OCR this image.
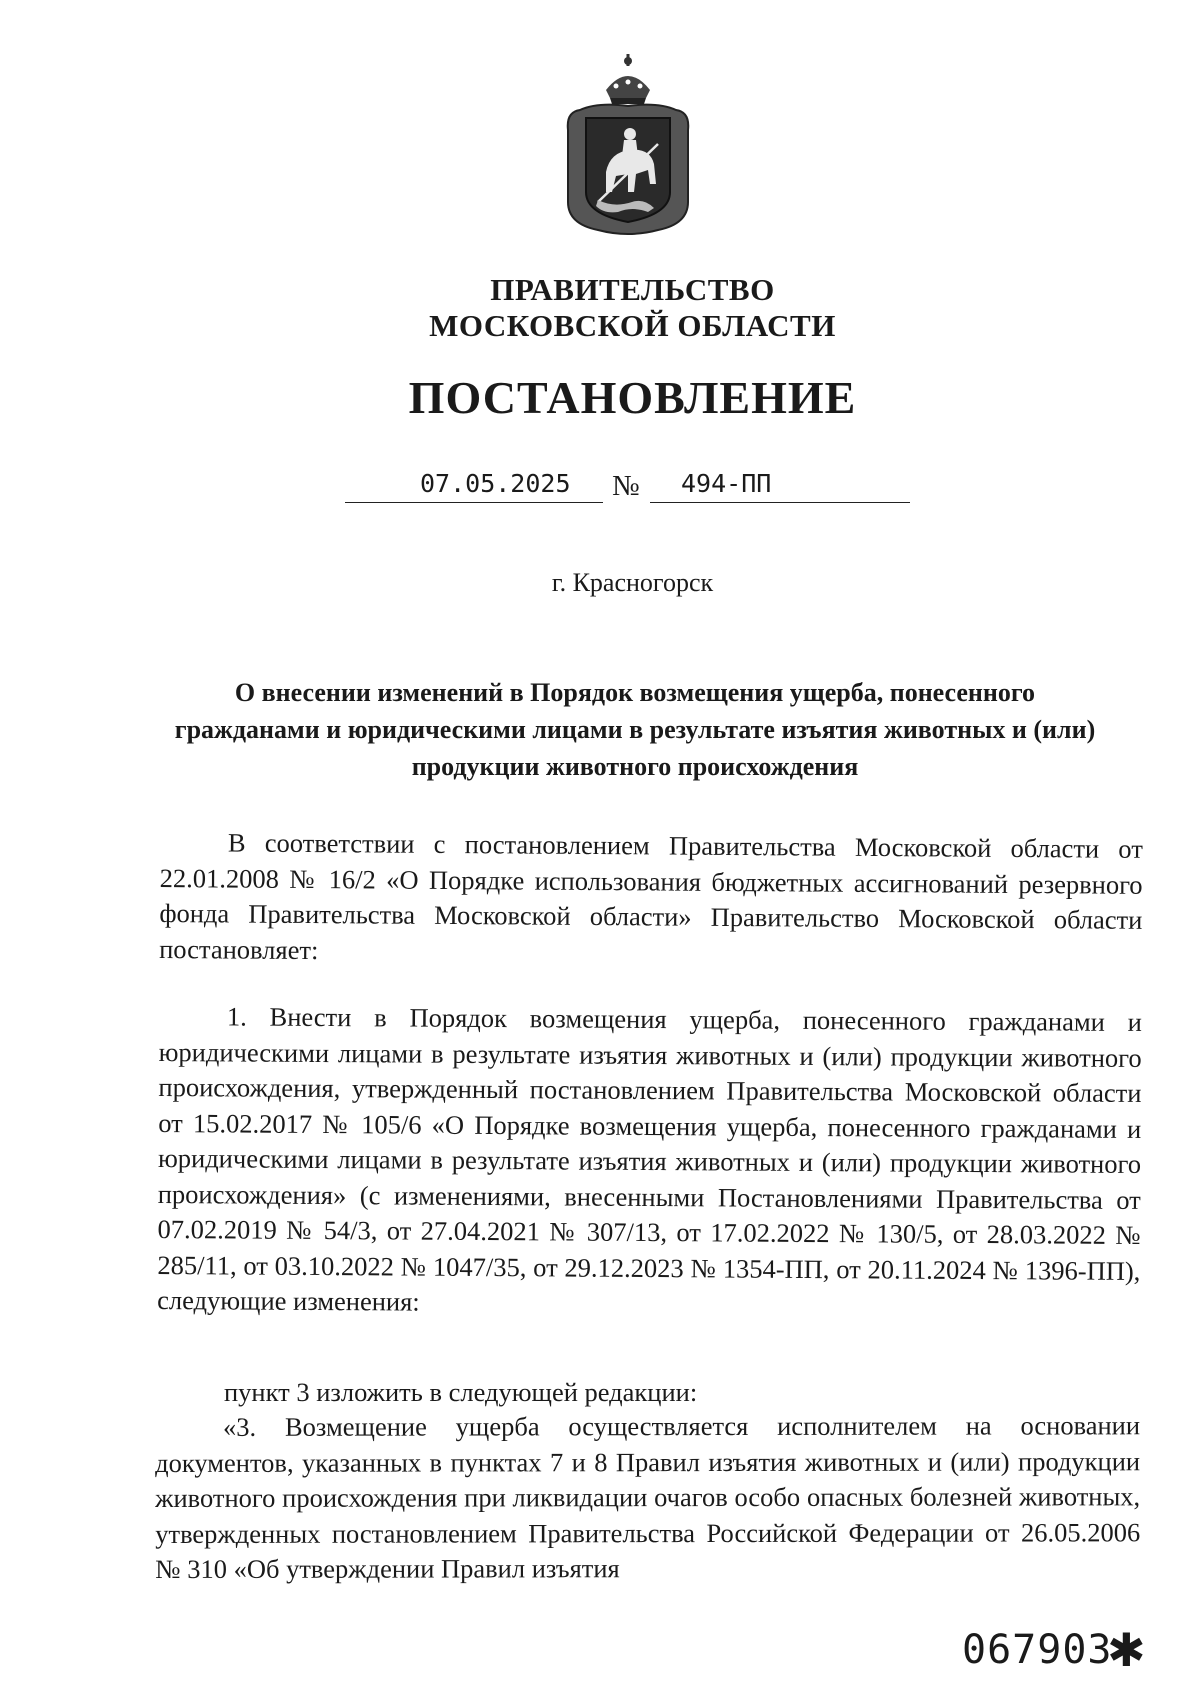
ПРАВИТЕЛЬСТВО
МОСКОВСКОЙ ОБЛАСТИ
ПОСТАНОВЛЕНИЕ
07.05.2025 № 494-ПП
г. Красногорск
О внесении изменений в Порядок возмещения ущерба, понесенного гражданами и юридическими лицами в результате изъятия животных и (или) продукции животного происхождения
В соответствии с постановлением Правительства Московской области от 22.01.2008 № 16/2 «О Порядке использования бюджетных ассигнований резервного фонда Правительства Московской области» Правительство Московской области постановляет:
1. Внести в Порядок возмещения ущерба, понесенного гражданами и юридическими лицами в результате изъятия животных и (или) продукции животного происхождения, утвержденный постановлением Правительства Московской области от 15.02.2017 № 105/6 «О Порядке возмещения ущерба, понесенного гражданами и юридическими лицами в результате изъятия животных и (или) продукции животного происхождения» (с изменениями, внесенными Постановлениями Правительства от 07.02.2019 № 54/3, от 27.04.2021 № 307/13, от 17.02.2022 № 130/5, от 28.03.2022 № 285/11, от 03.10.2022 № 1047/35, от 29.12.2023 № 1354-ПП, от 20.11.2024 № 1396-ПП), следующие изменения:
пункт 3 изложить в следующей редакции:
«3. Возмещение ущерба осуществляется исполнителем на основании документов, указанных в пунктах 7 и 8 Правил изъятия животных и (или) продукции животного происхождения при ликвидации очагов особо опасных болезней животных, утвержденных постановлением Правительства Российской Федерации от 26.05.2006 № 310 «Об утверждении Правил изъятия
067903
✱
